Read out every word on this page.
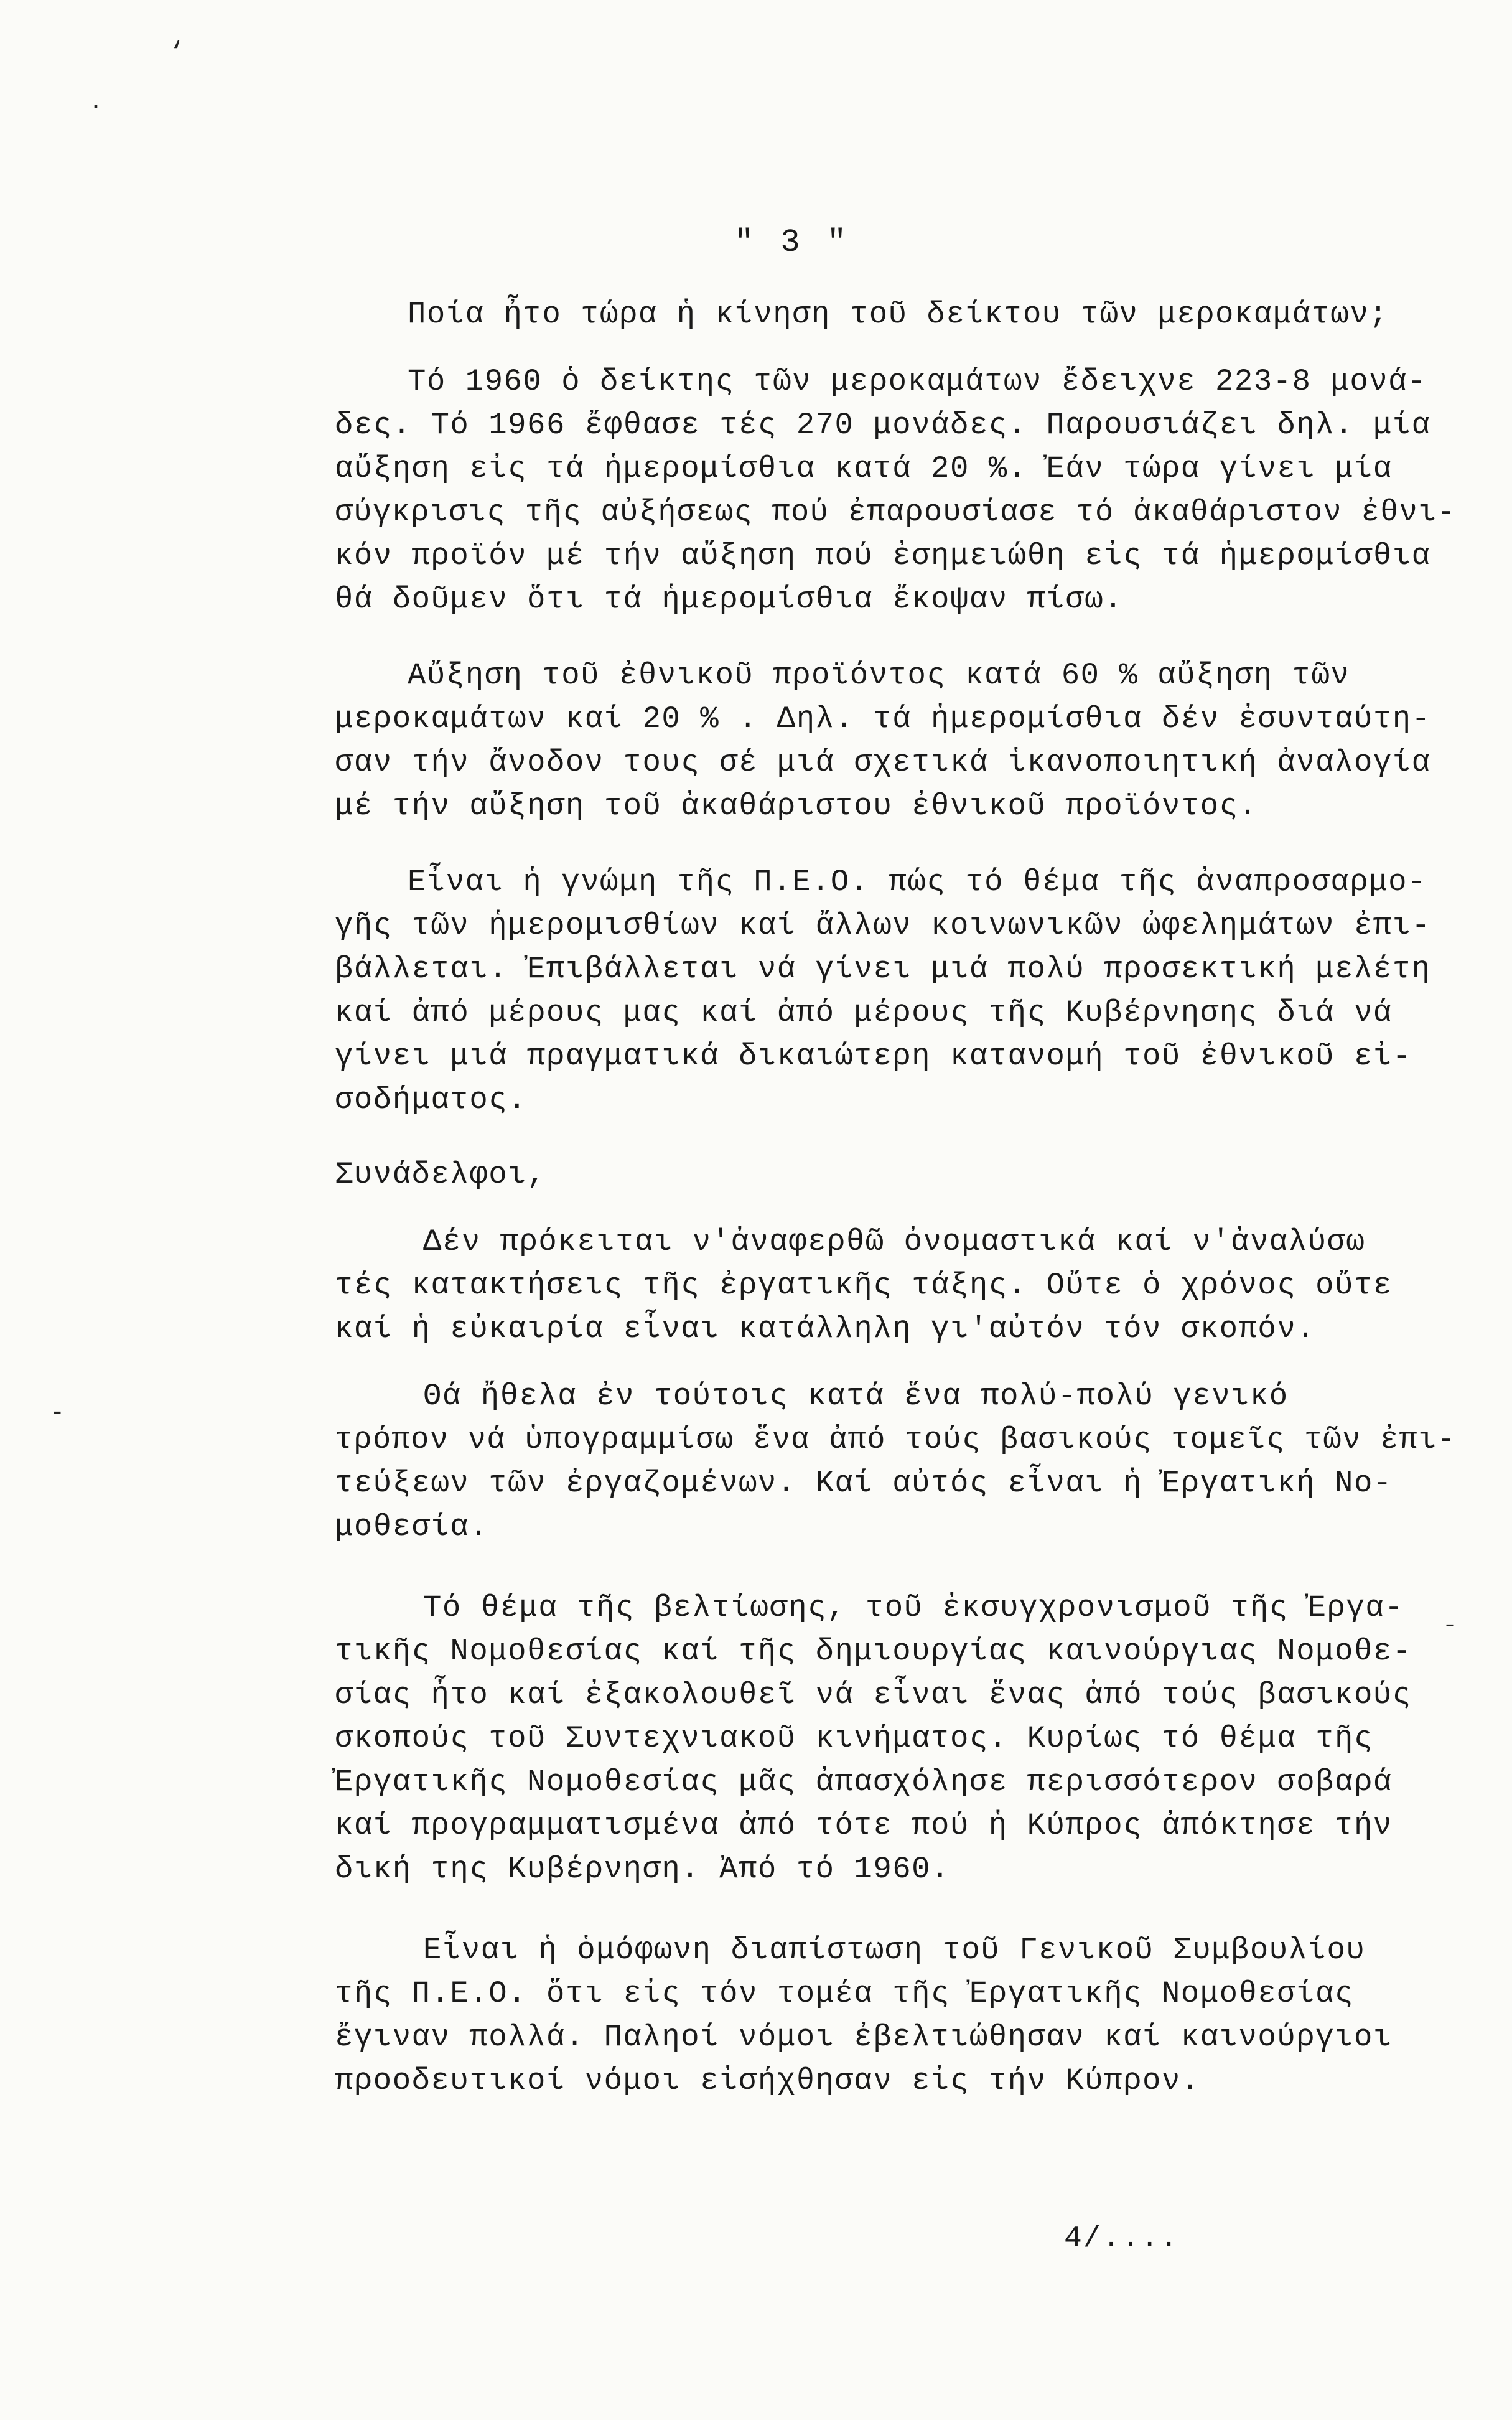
‘
·
-
-
" 3 "
Ποία ἦτο τώρα ἡ κίνηση τοῦ δείκτου τῶν μεροκαμάτων;
Τό 1960 ὁ δείκτης τῶν μεροκαμάτων ἔδειχνε 223-8 μονά-
δες. Τό 1966 ἔφθασε τές 270 μονάδες. Παρουσιάζει δηλ. μία
αὔξηση εἰς τά ἡμερομίσθια κατά 20 %. Ἐάν τώρα γίνει μία
σύγκρισις τῆς αὐξήσεως πού ἐπαρουσίασε τό ἀκαθάριστον ἐθνι-
κόν προϊόν μέ τήν αὔξηση πού ἐσημειώθη εἰς τά ἡμερομίσθια
θά δοῦμεν ὅτι τά ἡμερομίσθια ἔκοψαν πίσω.
Αὔξηση τοῦ ἐθνικοῦ προϊόντος κατά 60 % αὔξηση τῶν
μεροκαμάτων καί 20 % . Δηλ. τά ἡμερομίσθια δέν ἐσυνταύτη-
σαν τήν ἄνοδον τους σέ μιά σχετικά ἱκανοποιητική ἀναλογία
μέ τήν αὔξηση τοῦ ἀκαθάριστου ἐθνικοῦ προϊόντος.
Εἶναι ἡ γνώμη τῆς Π.Ε.Ο. πώς τό θέμα τῆς ἀναπροσαρμο-
γῆς τῶν ἡμερομισθίων καί ἄλλων κοινωνικῶν ὠφελημάτων ἐπι-
βάλλεται. Ἐπιβάλλεται νά γίνει μιά πολύ προσεκτική μελέτη
καί ἀπό μέρους μας καί ἀπό μέρους τῆς Κυβέρνησης διά νά
γίνει μιά πραγματικά δικαιώτερη κατανομή τοῦ ἐθνικοῦ εἰ-
σοδήματος.
Συνάδελφοι,
Δέν πρόκειται ν'ἀναφερθῶ ὀνομαστικά καί ν'ἀναλύσω
τές κατακτήσεις τῆς ἐργατικῆς τάξης. Οὔτε ὁ χρόνος οὔτε
καί ἡ εὐκαιρία εἶναι κατάλληλη γι'αὐτόν τόν σκοπόν.
Θά ἤθελα ἐν τούτοις κατά ἕνα πολύ-πολύ γενικό
τρόπον νά ὑπογραμμίσω ἕνα ἀπό τούς βασικούς τομεῖς τῶν ἐπι-
τεύξεων τῶν ἐργαζομένων. Καί αὐτός εἶναι ἡ Ἐργατική Νο-
μοθεσία.
Τό θέμα τῆς βελτίωσης, τοῦ ἐκσυγχρονισμοῦ τῆς Ἐργα-
τικῆς Νομοθεσίας καί τῆς δημιουργίας καινούργιας Νομοθε-
σίας ἦτο καί ἐξακολουθεῖ νά εἶναι ἕνας ἀπό τούς βασικούς
σκοπούς τοῦ Συντεχνιακοῦ κινήματος. Κυρίως τό θέμα τῆς
Ἐργατικῆς Νομοθεσίας μᾶς ἀπασχόλησε περισσότερον σοβαρά
καί προγραμματισμένα ἀπό τότε πού ἡ Κύπρος ἀπόκτησε τήν
δική της Κυβέρνηση. Ἀπό τό 1960.
Εἶναι ἡ ὁμόφωνη διαπίστωση τοῦ Γενικοῦ Συμβουλίου
τῆς Π.Ε.Ο. ὅτι εἰς τόν τομέα τῆς Ἐργατικῆς Νομοθεσίας
ἔγιναν πολλά. Παληοί νόμοι ἐβελτιώθησαν καί καινούργιοι
προοδευτικοί νόμοι εἰσήχθησαν εἰς τήν Κύπρον.
4/....
